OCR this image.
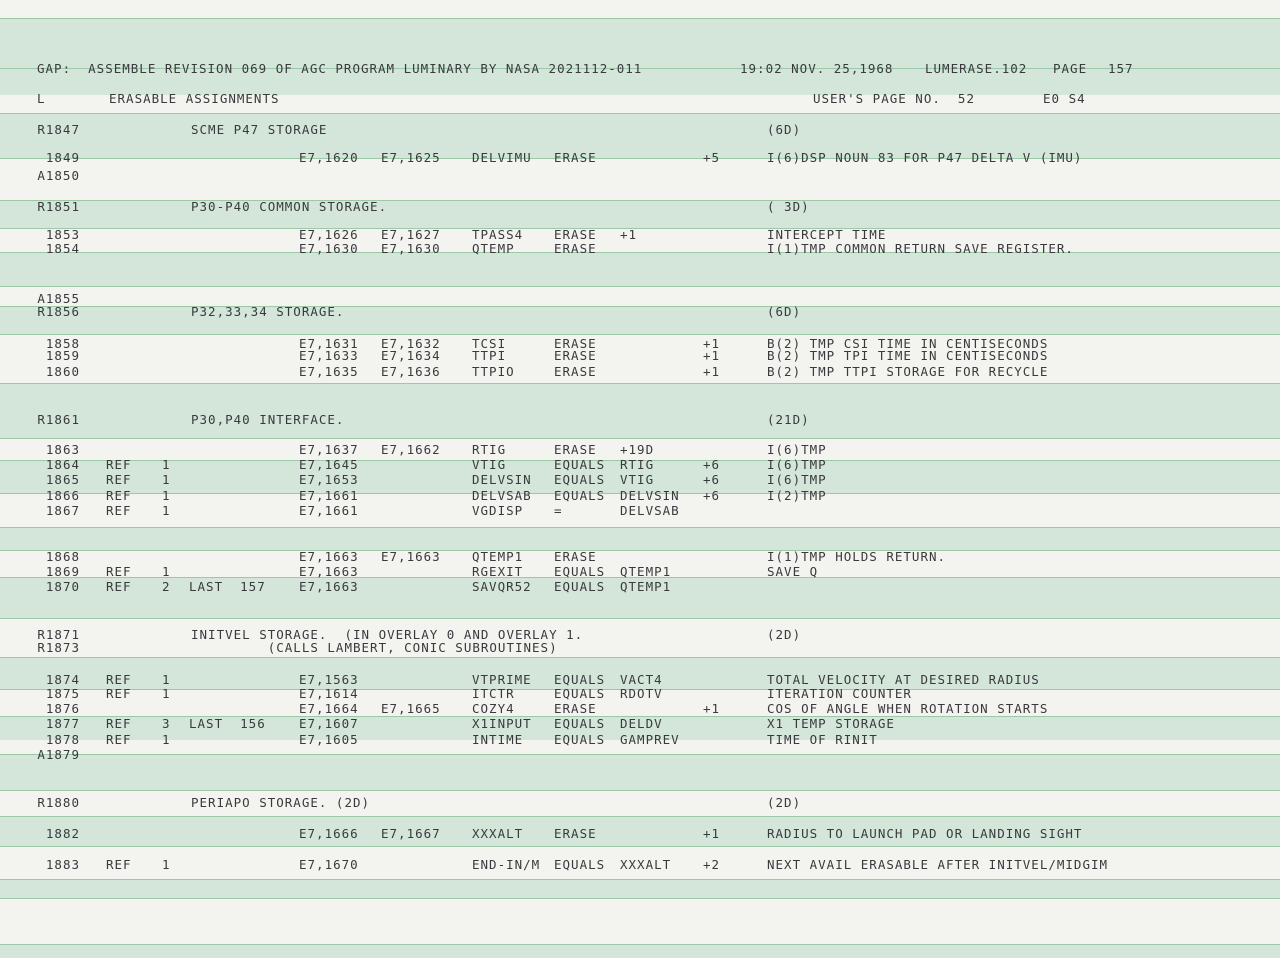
GAP:  ASSEMBLE REVISION 069 OF AGC PROGRAM LUMINARY BY NASA 2021112-011

	19:02 NOV. 25,1968

	LUMERASE.102

PAGE

157

L

	ERASABLE ASSIGNMENTS

	USER'S PAGE NO.  52

	E0 S4

R1847	SCME P47 STORAGE	(6D)
1849	E7,1620 E7,1625	DELVIMU ERASE	+5	I(6)DSP NOUN 83 FOR P47 DELTA V (IMU)
A1850
R1851	P30-P40 COMMON STORAGE.	( 3D)
1853	E7,1626 E7,1627	TPASS4 ERASE +1	INTERCEPT TIME
1854	E7,1630 E7,1630	QTEMP	ERASE	I(1)TMP COMMON RETURN SAVE REGISTER.
A1855
R1856	P32,33,34 STORAGE.	(6D)
1858	E7,1631 E7,1632	TCSI	ERASE	+1	B(2) TMP CSI TIME IN CENTISECONDS
1859	E7,1633 E7,1634	TTPI	ERASE	+1	B(2) TMP TPI TIME IN CENTISECONDS
1860	E7,1635 E7,1636	TTPIO	ERASE	+1	B(2) TMP TTPI STORAGE FOR RECYCLE
R1861	P30,P40 INTERFACE.	(21D)
1863	E7,1637 E7,1662	RTIG	ERASE +19D	I(6)TMP
1864 REF 1	E7,1645	VTIG	EQUALS RTIG	+6	I(6)TMP
1865 REF 1	E7,1653	DELVSIN EQUALS VTIG	+6	I(6)TMP
1866 REF 1	E7,1661	DELVSAB EQUALS DELVSIN +6	I(2)TMP
1867 REF 1	E7,1661	VGDISP =	DELVSAB
1868	E7,1663 E7,1663	QTEMP1 ERASE	I(1)TMP HOLDS RETURN.
1869 REF 1	E7,1663	RGEXIT EQUALS QTEMP1	SAVE Q
1870 REF 2 LAST  157	E7,1663	SAVQR52 EQUALS QTEMP1
R1871	INITVEL STORAGE.  (IN OVERLAY 0 AND OVERLAY 1.	(2D)
R1873	(CALLS LAMBERT, CONIC SUBROUTINES)
1874 REF 1	E7,1563	VTPRIME EQUALS VACT4	TOTAL VELOCITY AT DESIRED RADIUS
1875 REF 1	E7,1614	ITCTR	EQUALS RDOTV	ITERATION COUNTER
1876	E7,1664 E7,1665	COZY4	ERASE	+1	COS OF ANGLE WHEN ROTATION STARTS
1877 REF 3 LAST  156	E7,1607	X1INPUT EQUALS DELDV	X1 TEMP STORAGE
1878 REF 1	E7,1605	INTIME EQUALS GAMPREV	TIME OF RINIT
A1879
R1880	PERIAPO STORAGE. (2D)	(2D)
1882	E7,1666 E7,1667	XXXALT ERASE	+1	RADIUS TO LAUNCH PAD OR LANDING SIGHT
1883 REF 1	E7,1670	END-IN/M EQUALS XXXALT	+2	NEXT AVAIL ERASABLE AFTER INITVEL/MIDGIM
